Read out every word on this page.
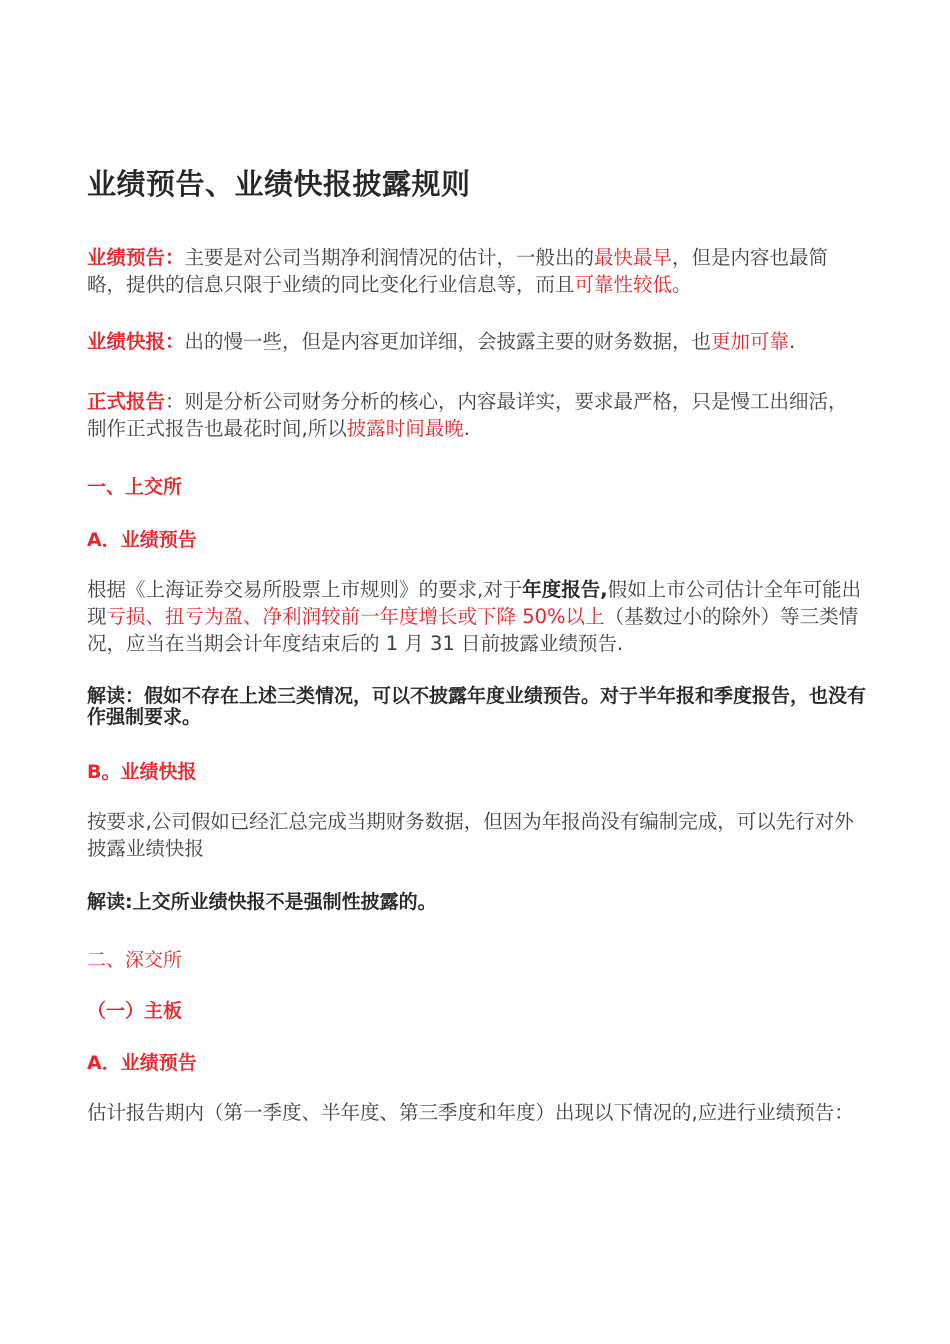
业绩预告、业绩快报披露规则

业绩预告：主要是对公司当期净利润情况的估计，一般出的最快最早，但是内容也最简略，提供的信息只限于业绩的同比变化行业信息等，而且可靠性较低。

业绩快报：出的慢一些，但是内容更加详细，会披露主要的财务数据，也更加可靠.

正式报告：则是分析公司财务分析的核心，内容最详实，要求最严格，只是慢工出细活，制作正式报告也最花时间,所以披露时间最晚.

一、上交所
A．业绩预告

根据《上海证券交易所股票上市规则》的要求,对于年度报告,假如上市公司估计全年可能出现亏损、扭亏为盈、净利润较前一年度增长或下降 50%以上（基数过小的除外）等三类情况，应当在当期会计年度结束后的 1 月 31 日前披露业绩预告.

解读：假如不存在上述三类情况，可以不披露年度业绩预告。对于半年报和季度报告，也没有作强制要求。

B。业绩快报

按要求,公司假如已经汇总完成当期财务数据，但因为年报尚没有编制完成，可以先行对外披露业绩快报

解读:上交所业绩快报不是强制性披露的。

二、深交所
（一）主板
A．业绩预告

估计报告期内（第一季度、半年度、第三季度和年度）出现以下情况的,应进行业绩预告：
